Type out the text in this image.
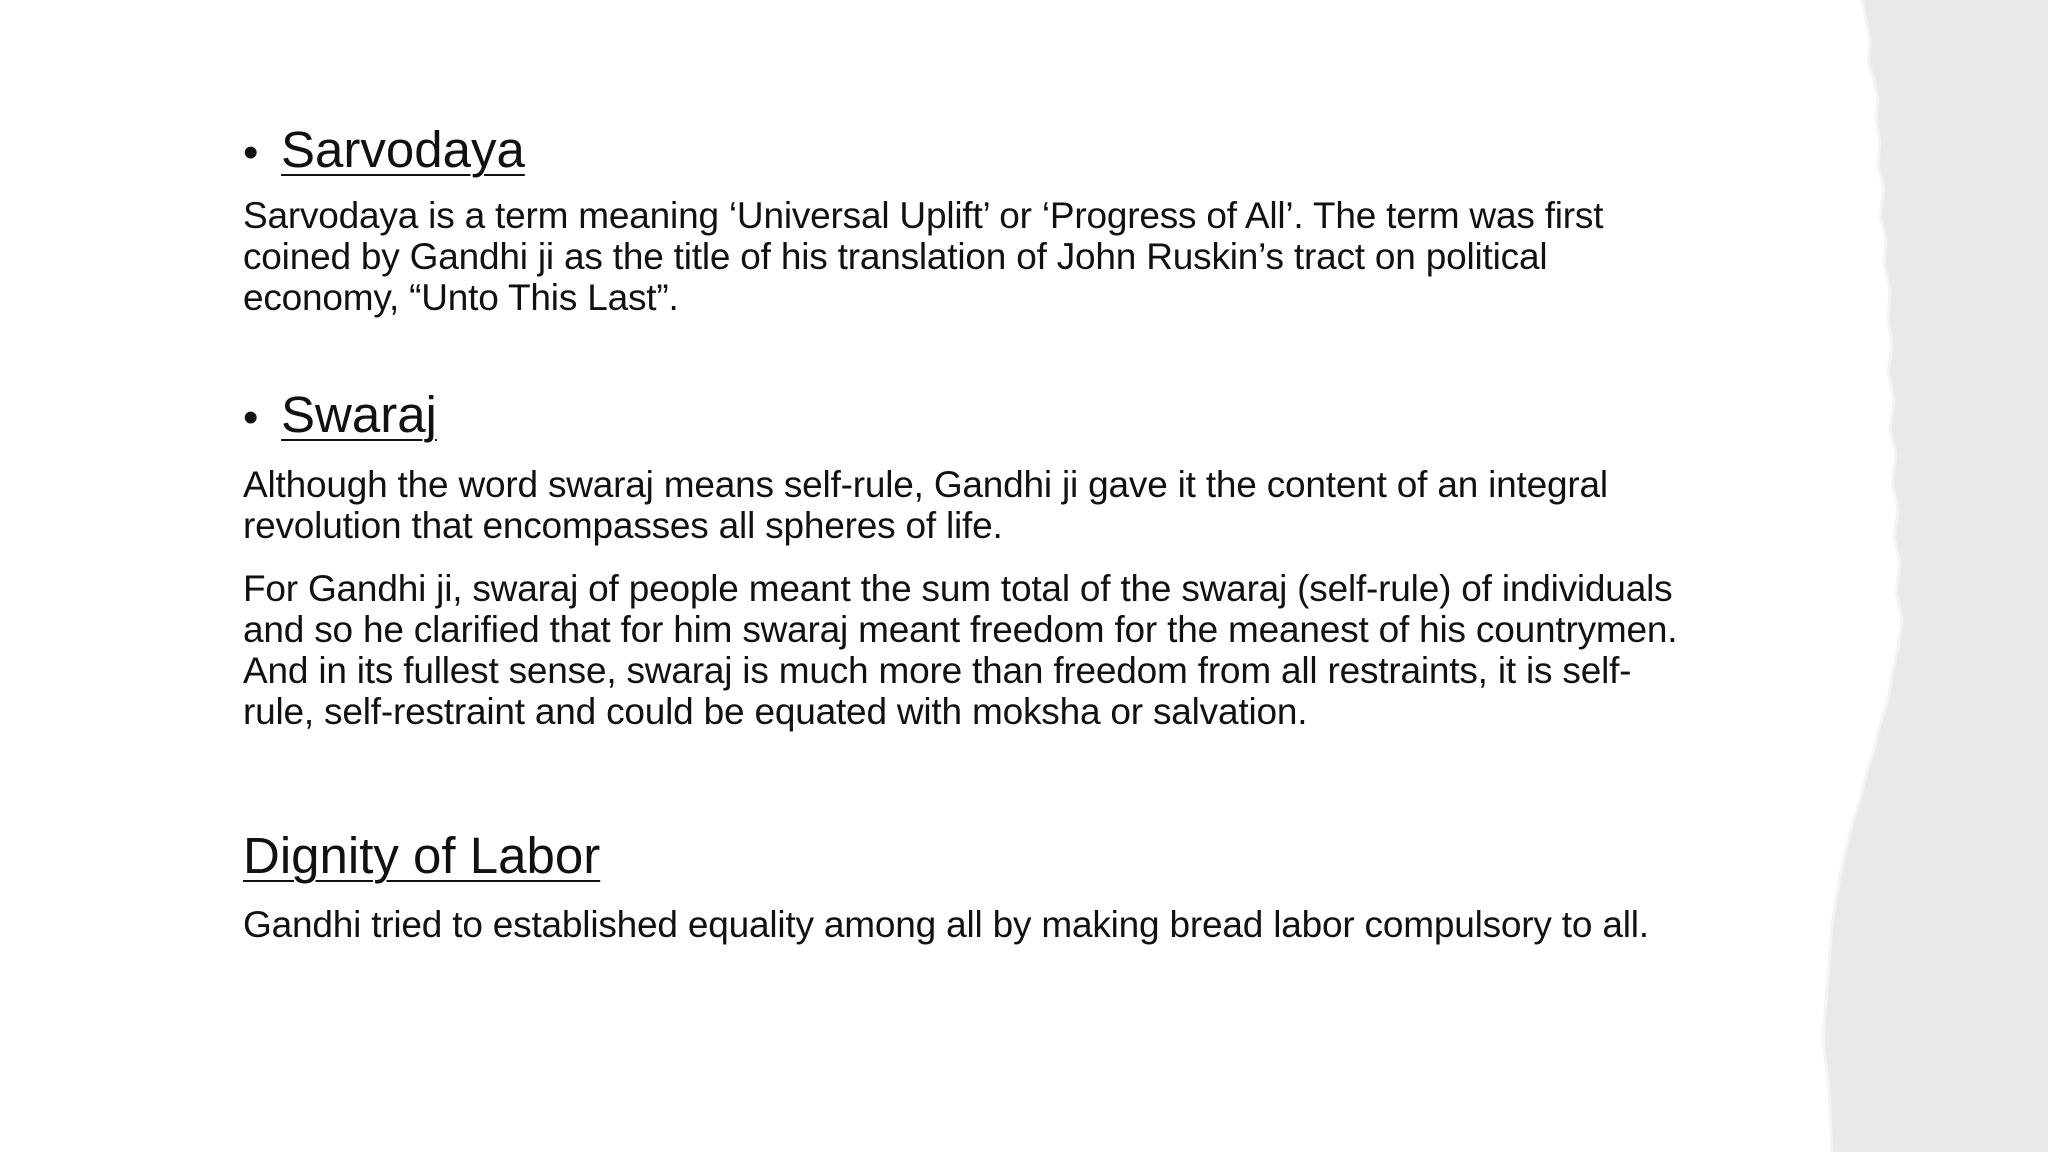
• Sarvodaya

Sarvodaya is a term meaning ‘Universal Uplift’ or ‘Progress of All’. The term was first coined by Gandhi ji as the title of his translation of John Ruskin’s tract on political economy, “Unto This Last”.

• Swaraj

Although the word swaraj means self-rule, Gandhi ji gave it the content of an integral revolution that encompasses all spheres of life.

For Gandhi ji, swaraj of people meant the sum total of the swaraj (self-rule) of individuals and so he clarified that for him swaraj meant freedom for the meanest of his countrymen. And in its fullest sense, swaraj is much more than freedom from all restraints, it is self-rule, self-restraint and could be equated with moksha or salvation.

Dignity of Labor

Gandhi tried to established equality among all by making bread labor compulsory to all.
